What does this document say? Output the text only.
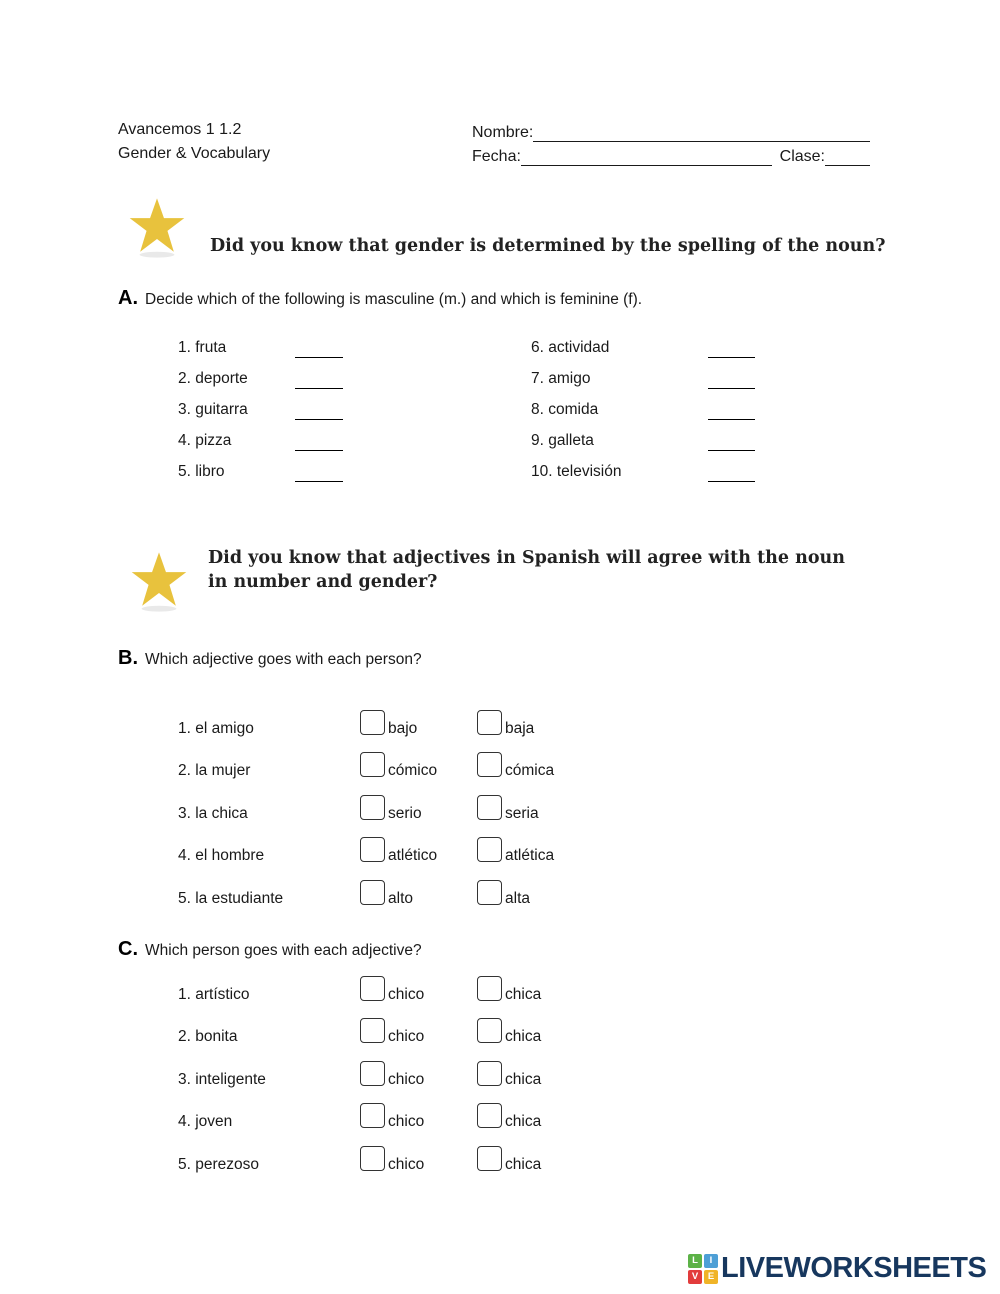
Avancemos 1 1.2
Gender & Vocabulary
Nombre:
Fecha:	Clase:
Did you know that gender is determined by the spelling of the noun?
A. Decide which of the following is masculine (m.) and which is feminine (f).
1. fruta
2. deporte
3. guitarra
4. pizza
5. libro
6. actividad
7. amigo
8. comida
9. galleta
10. televisión
Did you know that adjectives in Spanish will agree with the noun in number and gender?
B. Which adjective goes with each person?
1. el amigo	bajo	baja
2. la mujer	cómico	cómica
3. la chica	serio	seria
4. el hombre	atlético	atlética
5. la estudiante	alto	alta
C. Which person goes with each adjective?
1. artístico	chico	chica
2. bonita	chico	chica
3. inteligente	chico	chica
4. joven	chico	chica
5. perezoso	chico	chica
L	I
V	E LIVEWORKSHEETS
